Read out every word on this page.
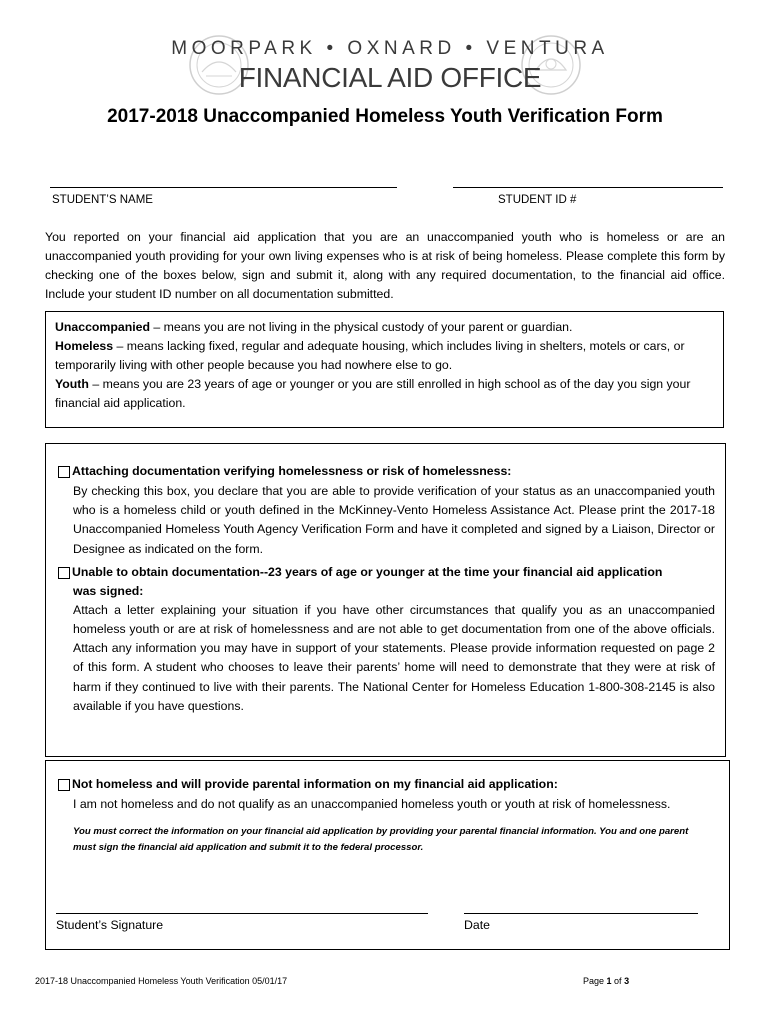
MOORPARK • OXNARD • VENTURA
FINANCIAL AID OFFICE
2017-2018 Unaccompanied Homeless Youth Verification Form
STUDENT’S NAME	STUDENT ID #
You reported on your financial aid application that you are an unaccompanied youth who is homeless or are an unaccompanied youth providing for your own living expenses who is at risk of being homeless. Please complete this form by checking one of the boxes below, sign and submit it, along with any required documentation, to the financial aid office. Include your student ID number on all documentation submitted.

Unaccompanied – means you are not living in the physical custody of your parent or guardian.

Homeless – means lacking fixed, regular and adequate housing, which includes living in shelters, motels or cars, or temporarily living with other people because you had nowhere else to go.

Youth – means you are 23 years of age or younger or you are still enrolled in high school as of the day you sign your financial aid application.

Attaching documentation verifying homelessness or risk of homelessness:
By checking this box, you declare that you are able to provide verification of your status as an unaccompanied youth who is a homeless child or youth defined in the McKinney-Vento Homeless Assistance Act. Please print the 2017-18 Unaccompanied Homeless Youth Agency Verification Form and have it completed and signed by a Liaison, Director or Designee as indicated on the form.
Unable to obtain documentation--23 years of age or younger at the time your financial aid application
was signed:
Attach a letter explaining your situation if you have other circumstances that qualify you as an unaccompanied homeless youth or are at risk of homelessness and are not able to get documentation from one of the above officials. Attach any information you may have in support of your statements. Please provide information requested on page 2 of this form. A student who chooses to leave their parents’ home will need to demonstrate that they were at risk of harm if they continued to live with their parents. The National Center for Homeless Education 1-800-308-2145 is also available if you have questions.
Not homeless and will provide parental information on my financial aid application:
I am not homeless and do not qualify as an unaccompanied homeless youth or youth at risk of homelessness.
You must correct the information on your financial aid application by providing your parental financial information. You and one parent must sign the financial aid application and submit it to the federal processor.
Student’s Signature	Date
2017-18 Unaccompanied Homeless Youth Verification 05/01/17	Page 1 of 3
